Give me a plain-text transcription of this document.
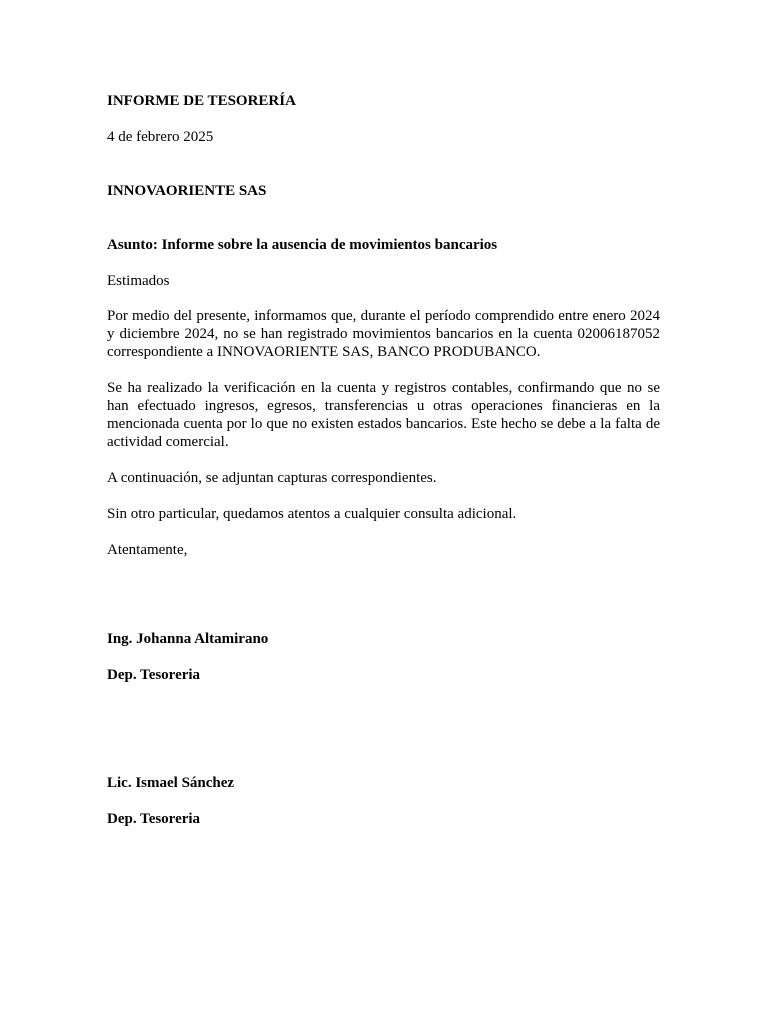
INFORME DE TESORERÍA
4 de febrero 2025
INNOVAORIENTE SAS
Asunto: Informe sobre la ausencia de movimientos bancarios
Estimados
Por medio del presente, informamos que, durante el período comprendido entre enero 2024 y diciembre 2024, no se han registrado movimientos bancarios en la cuenta 02006187052 correspondiente a INNOVAORIENTE SAS, BANCO PRODUBANCO.
Se ha realizado la verificación en la cuenta y registros contables, confirmando que no se han efectuado ingresos, egresos, transferencias u otras operaciones financieras en la mencionada cuenta por lo que no existen estados bancarios. Este hecho se debe a la falta de actividad comercial.
A continuación, se adjuntan capturas correspondientes.
Sin otro particular, quedamos atentos a cualquier consulta adicional.
Atentamente,
Ing. Johanna Altamirano
Dep. Tesoreria
Lic. Ismael Sánchez
Dep. Tesoreria
